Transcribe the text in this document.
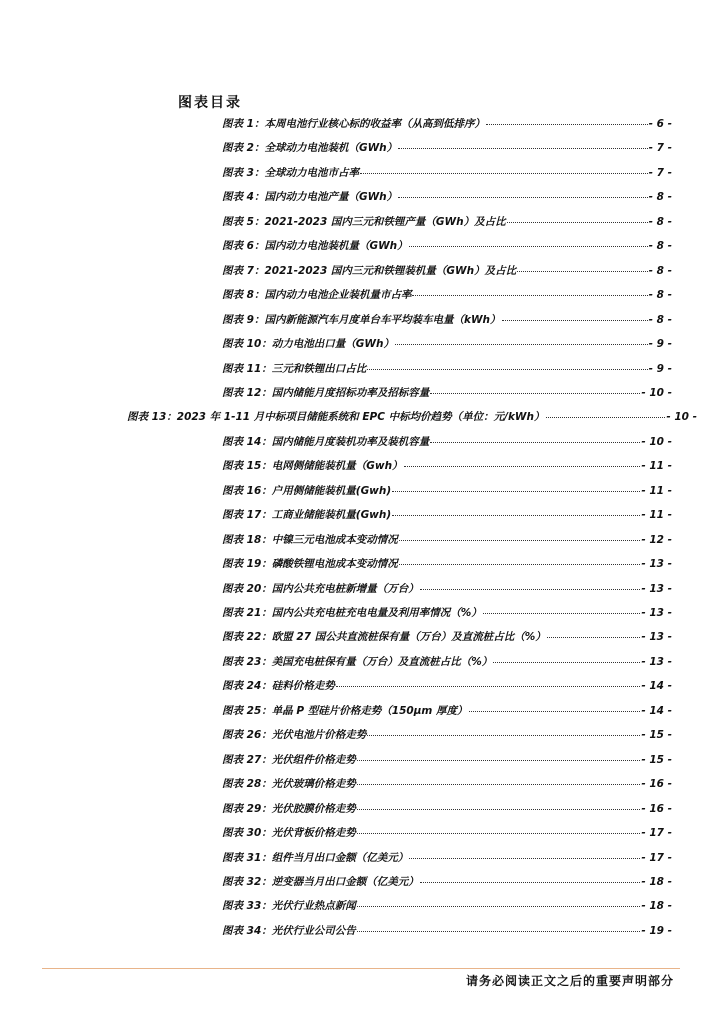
图表目录
图表 1：本周电池行业核心标的收益率（从高到低排序）	- 6 -
图表 2：全球动力电池装机（GWh）	- 7 -
图表 3：全球动力电池市占率	- 7 -
图表 4：国内动力电池产量（GWh）	- 8 -
图表 5：2021-2023 国内三元和铁锂产量（GWh）及占比	- 8 -
图表 6：国内动力电池装机量（GWh）	- 8 -
图表 7：2021-2023 国内三元和铁锂装机量（GWh）及占比	- 8 -
图表 8：国内动力电池企业装机量市占率	- 8 -
图表 9：国内新能源汽车月度单台车平均装车电量（kWh）	- 8 -
图表 10：动力电池出口量（GWh）	- 9 -
图表 11：三元和铁锂出口占比	- 9 -
图表 12：国内储能月度招标功率及招标容量	- 10 -
图表 13：2023 年 1-11 月中标项目储能系统和 EPC 中标均价趋势（单位：元/kWh）	- 10 -
图表 14：国内储能月度装机功率及装机容量	- 10 -
图表 15：电网侧储能装机量（Gwh）	- 11 -
图表 16：户用侧储能装机量(Gwh)	- 11 -
图表 17：工商业储能装机量(Gwh)	- 11 -
图表 18：中镍三元电池成本变动情况	- 12 -
图表 19：磷酸铁锂电池成本变动情况	- 13 -
图表 20：国内公共充电桩新增量（万台）	- 13 -
图表 21：国内公共充电桩充电电量及利用率情况（%）	- 13 -
图表 22：欧盟 27 国公共直流桩保有量（万台）及直流桩占比（%）	- 13 -
图表 23：美国充电桩保有量（万台）及直流桩占比（%）	- 13 -
图表 24：硅料价格走势	- 14 -
图表 25：单晶 P 型硅片价格走势（150μm 厚度）	- 14 -
图表 26：光伏电池片价格走势	- 15 -
图表 27：光伏组件价格走势	- 15 -
图表 28：光伏玻璃价格走势	- 16 -
图表 29：光伏胶膜价格走势	- 16 -
图表 30：光伏背板价格走势	- 17 -
图表 31：组件当月出口金额（亿美元）	- 17 -
图表 32：逆变器当月出口金额（亿美元）	- 18 -
图表 33：光伏行业热点新闻	- 18 -
图表 34：光伏行业公司公告	- 19 -
请务必阅读正文之后的重要声明部分
